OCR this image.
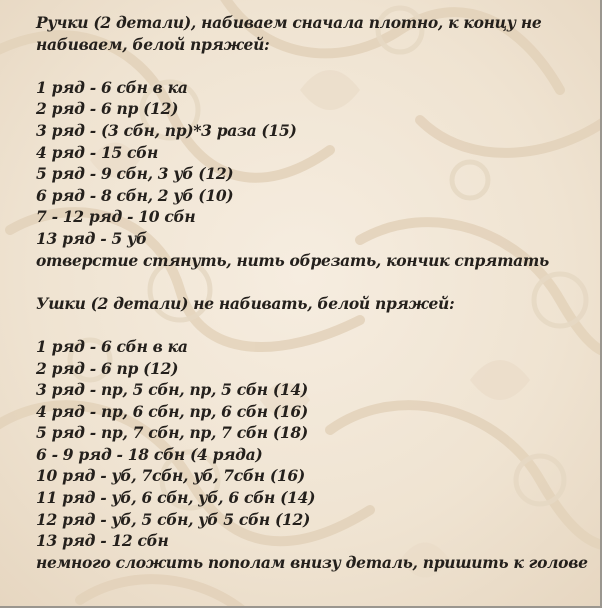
Ручки (2 детали), набиваем сначала плотно, к концу не набиваем, белой пряжей:
1 ряд - 6 сбн в ка
2 ряд - 6 пр (12)
3 ряд - (3 сбн, пр)*3 раза (15)
4 ряд - 15 сбн
5 ряд - 9 сбн, 3 уб (12)
6 ряд - 8 сбн, 2 уб (10)
7 - 12 ряд - 10 сбн
13 ряд - 5 уб
отверстие стянуть, нить обрезать, кончик спрятать
Ушки (2 детали) не набивать, белой пряжей:
1 ряд - 6 сбн в ка
2 ряд - 6 пр (12)
3 ряд - пр, 5 сбн, пр, 5 сбн (14)
4 ряд - пр, 6 сбн, пр, 6 сбн (16)
5 ряд - пр, 7 сбн, пр, 7 сбн (18)
6 - 9 ряд - 18 сбн (4 ряда)
10 ряд - уб, 7сбн, уб, 7сбн (16)
11 ряд - уб, 6 сбн, уб, 6 сбн (14)
12 ряд - уб, 5 сбн, уб 5 сбн (12)
13 ряд - 12 сбн
немного сложить пополам внизу деталь, пришить к голове
